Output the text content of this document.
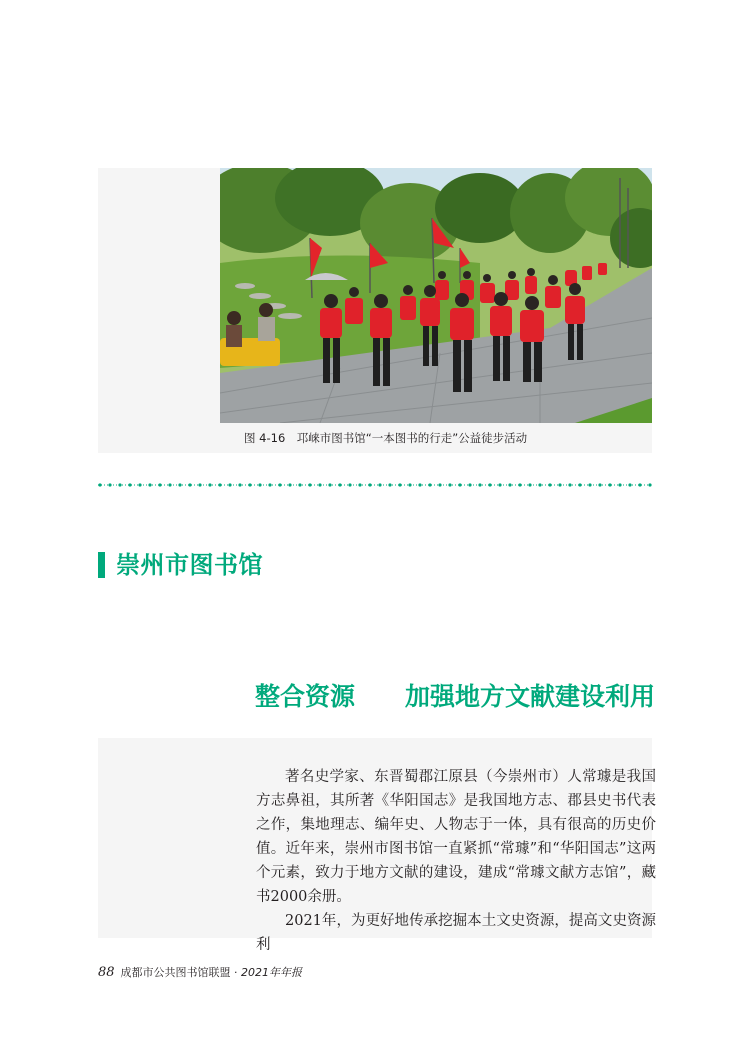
图 4-16　邛崃市图书馆“一本图书的行走”公益徒步活动
崇州市图书馆
整合资源　　加强地方文献建设利用

著名史学家、东晋蜀郡江原县（今崇州市）人常璩是我国方志鼻祖，其所著《华阳国志》是我国地方志、郡县史书代表之作，集地理志、编年史、人物志于一体，具有很高的历史价值。近年来，崇州市图书馆一直紧抓“常璩”和“华阳国志”这两个元素，致力于地方文献的建设，建成“常璩文献方志馆”，藏书2000余册。

2021年，为更好地传承挖掘本土文史资源，提高文史资源利

88 成都市公共图书馆联盟 · 2021年年报
